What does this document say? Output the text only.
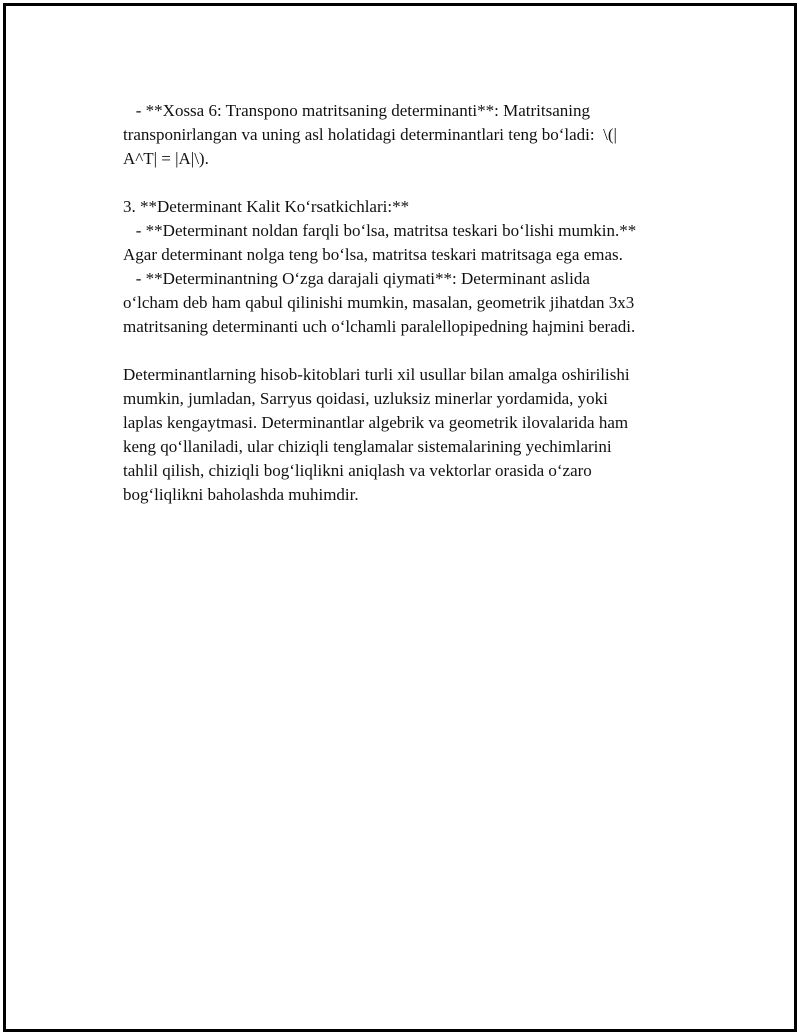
- **Xossa 6: Transpono matritsaning determinanti**: Matritsaning
transponirlangan va uning asl holatidagi determinantlari teng bo‘ladi:  \(|
A^T| = |A|\).
3. **Determinant Kalit Ko‘rsatkichlari:**
- **Determinant noldan farqli bo‘lsa, matritsa teskari bo‘lishi mumkin.**
Agar determinant nolga teng bo‘lsa, matritsa teskari matritsaga ega emas.
- **Determinantning O‘zga darajali qiymati**: Determinant aslida
o‘lcham deb ham qabul qilinishi mumkin, masalan, geometrik jihatdan 3x3
matritsaning determinanti uch o‘lchamli paralellopipedning hajmini beradi.
Determinantlarning hisob-kitoblari turli xil usullar bilan amalga oshirilishi
mumkin, jumladan, Sarryus qoidasi, uzluksiz minerlar yordamida, yoki
laplas kengaytmasi. Determinantlar algebrik va geometrik ilovalarida ham
keng qo‘llaniladi, ular chiziqli tenglamalar sistemalarining yechimlarini
tahlil qilish, chiziqli bog‘liqlikni aniqlash va vektorlar orasida o‘zaro
bog‘liqlikni baholashda muhimdir.
